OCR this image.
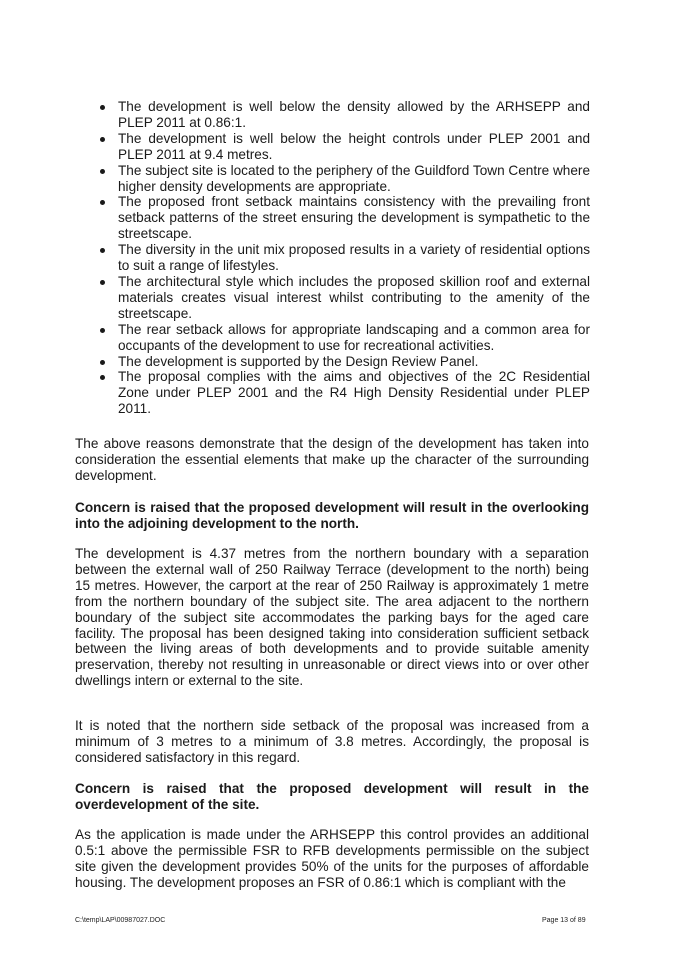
The development is well below the density allowed by the ARHSEPP and PLEP 2011 at 0.86:1.
The development is well below the height controls under PLEP 2001 and PLEP 2011 at 9.4 metres.
The subject site is located to the periphery of the Guildford Town Centre where higher density developments are appropriate.
The proposed front setback maintains consistency with the prevailing front setback patterns of the street ensuring the development is sympathetic to the streetscape.
The diversity in the unit mix proposed results in a variety of residential options to suit a range of lifestyles.
The architectural style which includes the proposed skillion roof and external materials creates visual interest whilst contributing to the amenity of the streetscape.
The rear setback allows for appropriate landscaping and a common area for occupants of the development to use for recreational activities.
The development is supported by the Design Review Panel.
The proposal complies with the aims and objectives of the 2C Residential Zone under PLEP 2001 and the R4 High Density Residential under PLEP 2011.

The above reasons demonstrate that the design of the development has taken into consideration the essential elements that make up the character of the surrounding development.

Concern is raised that the proposed development will result in the overlooking into the adjoining development to the north.

The development is 4.37 metres from the northern boundary with a separation between the external wall of 250 Railway Terrace (development to the north) being 15 metres. However, the carport at the rear of 250 Railway is approximately 1 metre from the northern boundary of the subject site. The area adjacent to the northern boundary of the subject site accommodates the parking bays for the aged care facility. The proposal has been designed taking into consideration sufficient setback between the living areas of both developments and to provide suitable amenity preservation, thereby not resulting in unreasonable or direct views into or over other dwellings intern or external to the site.

It is noted that the northern side setback of the proposal was increased from a minimum of 3 metres to a minimum of 3.8 metres. Accordingly, the proposal is considered satisfactory in this regard.

Concern is raised that the proposed development will result in the overdevelopment of the site.

As the application is made under the ARHSEPP this control provides an additional 0.5:1 above the permissible FSR to RFB developments permissible on the subject site given the development provides 50% of the units for the purposes of affordable housing. The development proposes an FSR of 0.86:1 which is compliant with the

C:\temp\LAP\00987027.DOC	Page 13 of 89
